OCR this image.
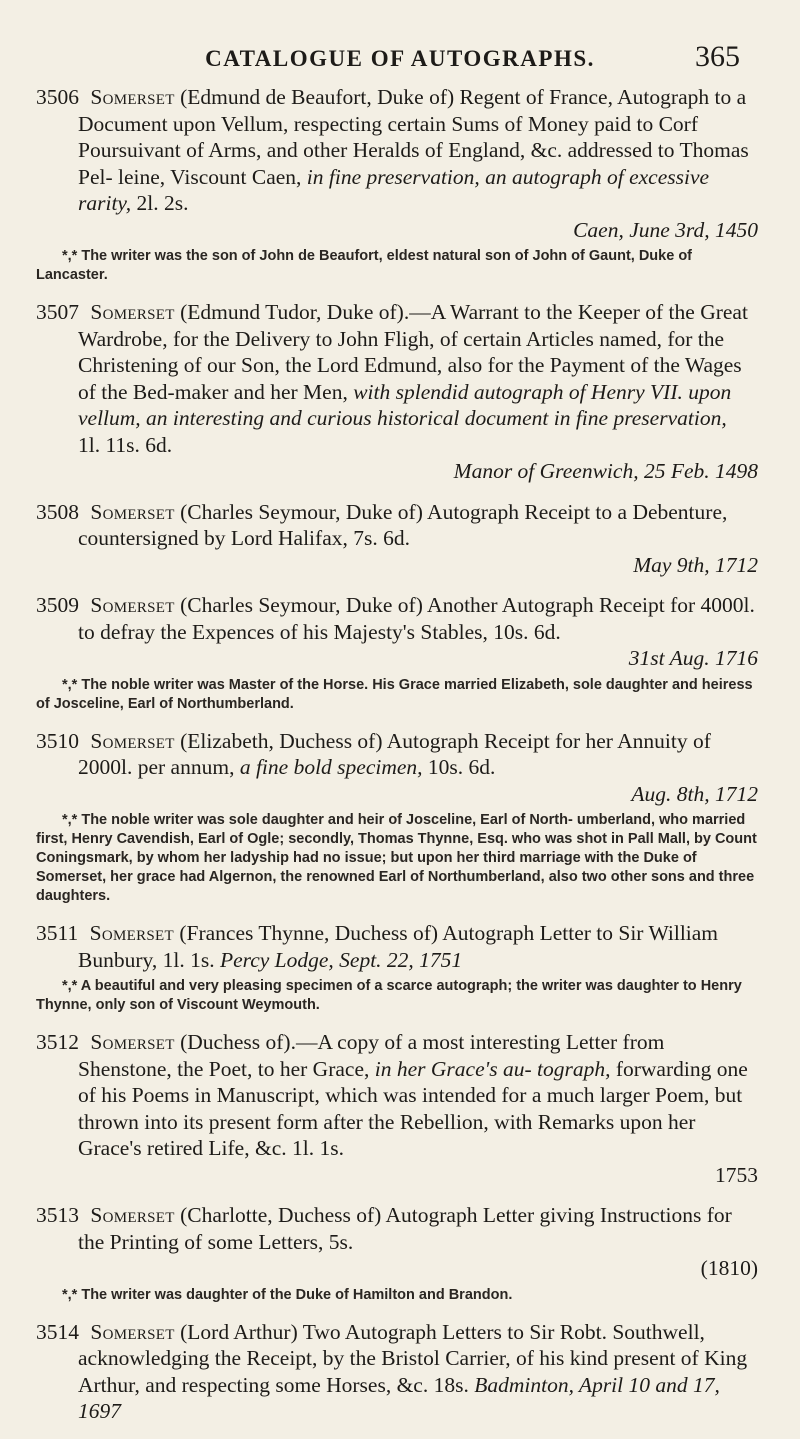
CATALOGUE OF AUTOGRAPHS.	365

3506 Somerset (Edmund de Beaufort, Duke of) Regent of France, Autograph to a Document upon Vellum, respecting certain Sums of Money paid to Corf Poursuivant of Arms, and other Heralds of England, &c. addressed to Thomas Pel- leine, Viscount Caen, in fine preservation, an autograph of excessive rarity, 2l. 2s.
Caen, June 3rd, 1450

*,* The writer was the son of John de Beaufort, eldest natural son of John of Gaunt, Duke of Lancaster.

3507 Somerset (Edmund Tudor, Duke of).—A Warrant to the Keeper of the Great Wardrobe, for the Delivery to John Fligh, of certain Articles named, for the Christening of our Son, the Lord Edmund, also for the Payment of the Wages of the Bed-maker and her Men, with splendid autograph of Henry VII. upon vellum, an interesting and curious historical document in fine preservation, 1l. 11s. 6d.
Manor of Greenwich, 25 Feb. 1498

3508 Somerset (Charles Seymour, Duke of) Autograph Receipt to a Debenture, countersigned by Lord Halifax, 7s. 6d.
May 9th, 1712

3509 Somerset (Charles Seymour, Duke of) Another Autograph Receipt for 4000l. to defray the Expences of his Majesty's Stables, 10s. 6d.
31st Aug. 1716

*,* The noble writer was Master of the Horse. His Grace married Elizabeth, sole daughter and heiress of Josceline, Earl of Northumberland.

3510 Somerset (Elizabeth, Duchess of) Autograph Receipt for her Annuity of 2000l. per annum, a fine bold specimen, 10s. 6d.
Aug. 8th, 1712

*,* The noble writer was sole daughter and heir of Josceline, Earl of North- umberland, who married first, Henry Cavendish, Earl of Ogle; secondly, Thomas Thynne, Esq. who was shot in Pall Mall, by Count Coningsmark, by whom her ladyship had no issue; but upon her third marriage with the Duke of Somerset, her grace had Algernon, the renowned Earl of Northumberland, also two other sons and three daughters.

3511 Somerset (Frances Thynne, Duchess of) Autograph Letter to Sir William Bunbury, 1l. 1s. Percy Lodge, Sept. 22, 1751

*,* A beautiful and very pleasing specimen of a scarce autograph; the writer was daughter to Henry Thynne, only son of Viscount Weymouth.

3512 Somerset (Duchess of).—A copy of a most interesting Letter from Shenstone, the Poet, to her Grace, in her Grace's au- tograph, forwarding one of his Poems in Manuscript, which was intended for a much larger Poem, but thrown into its present form after the Rebellion, with Remarks upon her Grace's retired Life, &c. 1l. 1s.
1753

3513 Somerset (Charlotte, Duchess of) Autograph Letter giving Instructions for the Printing of some Letters, 5s.
(1810)

*,* The writer was daughter of the Duke of Hamilton and Brandon.

3514 Somerset (Lord Arthur) Two Autograph Letters to Sir Robt. Southwell, acknowledging the Receipt, by the Bristol Carrier, of his kind present of King Arthur, and respecting some Horses, &c. 18s. Badminton, April 10 and 17, 1697
